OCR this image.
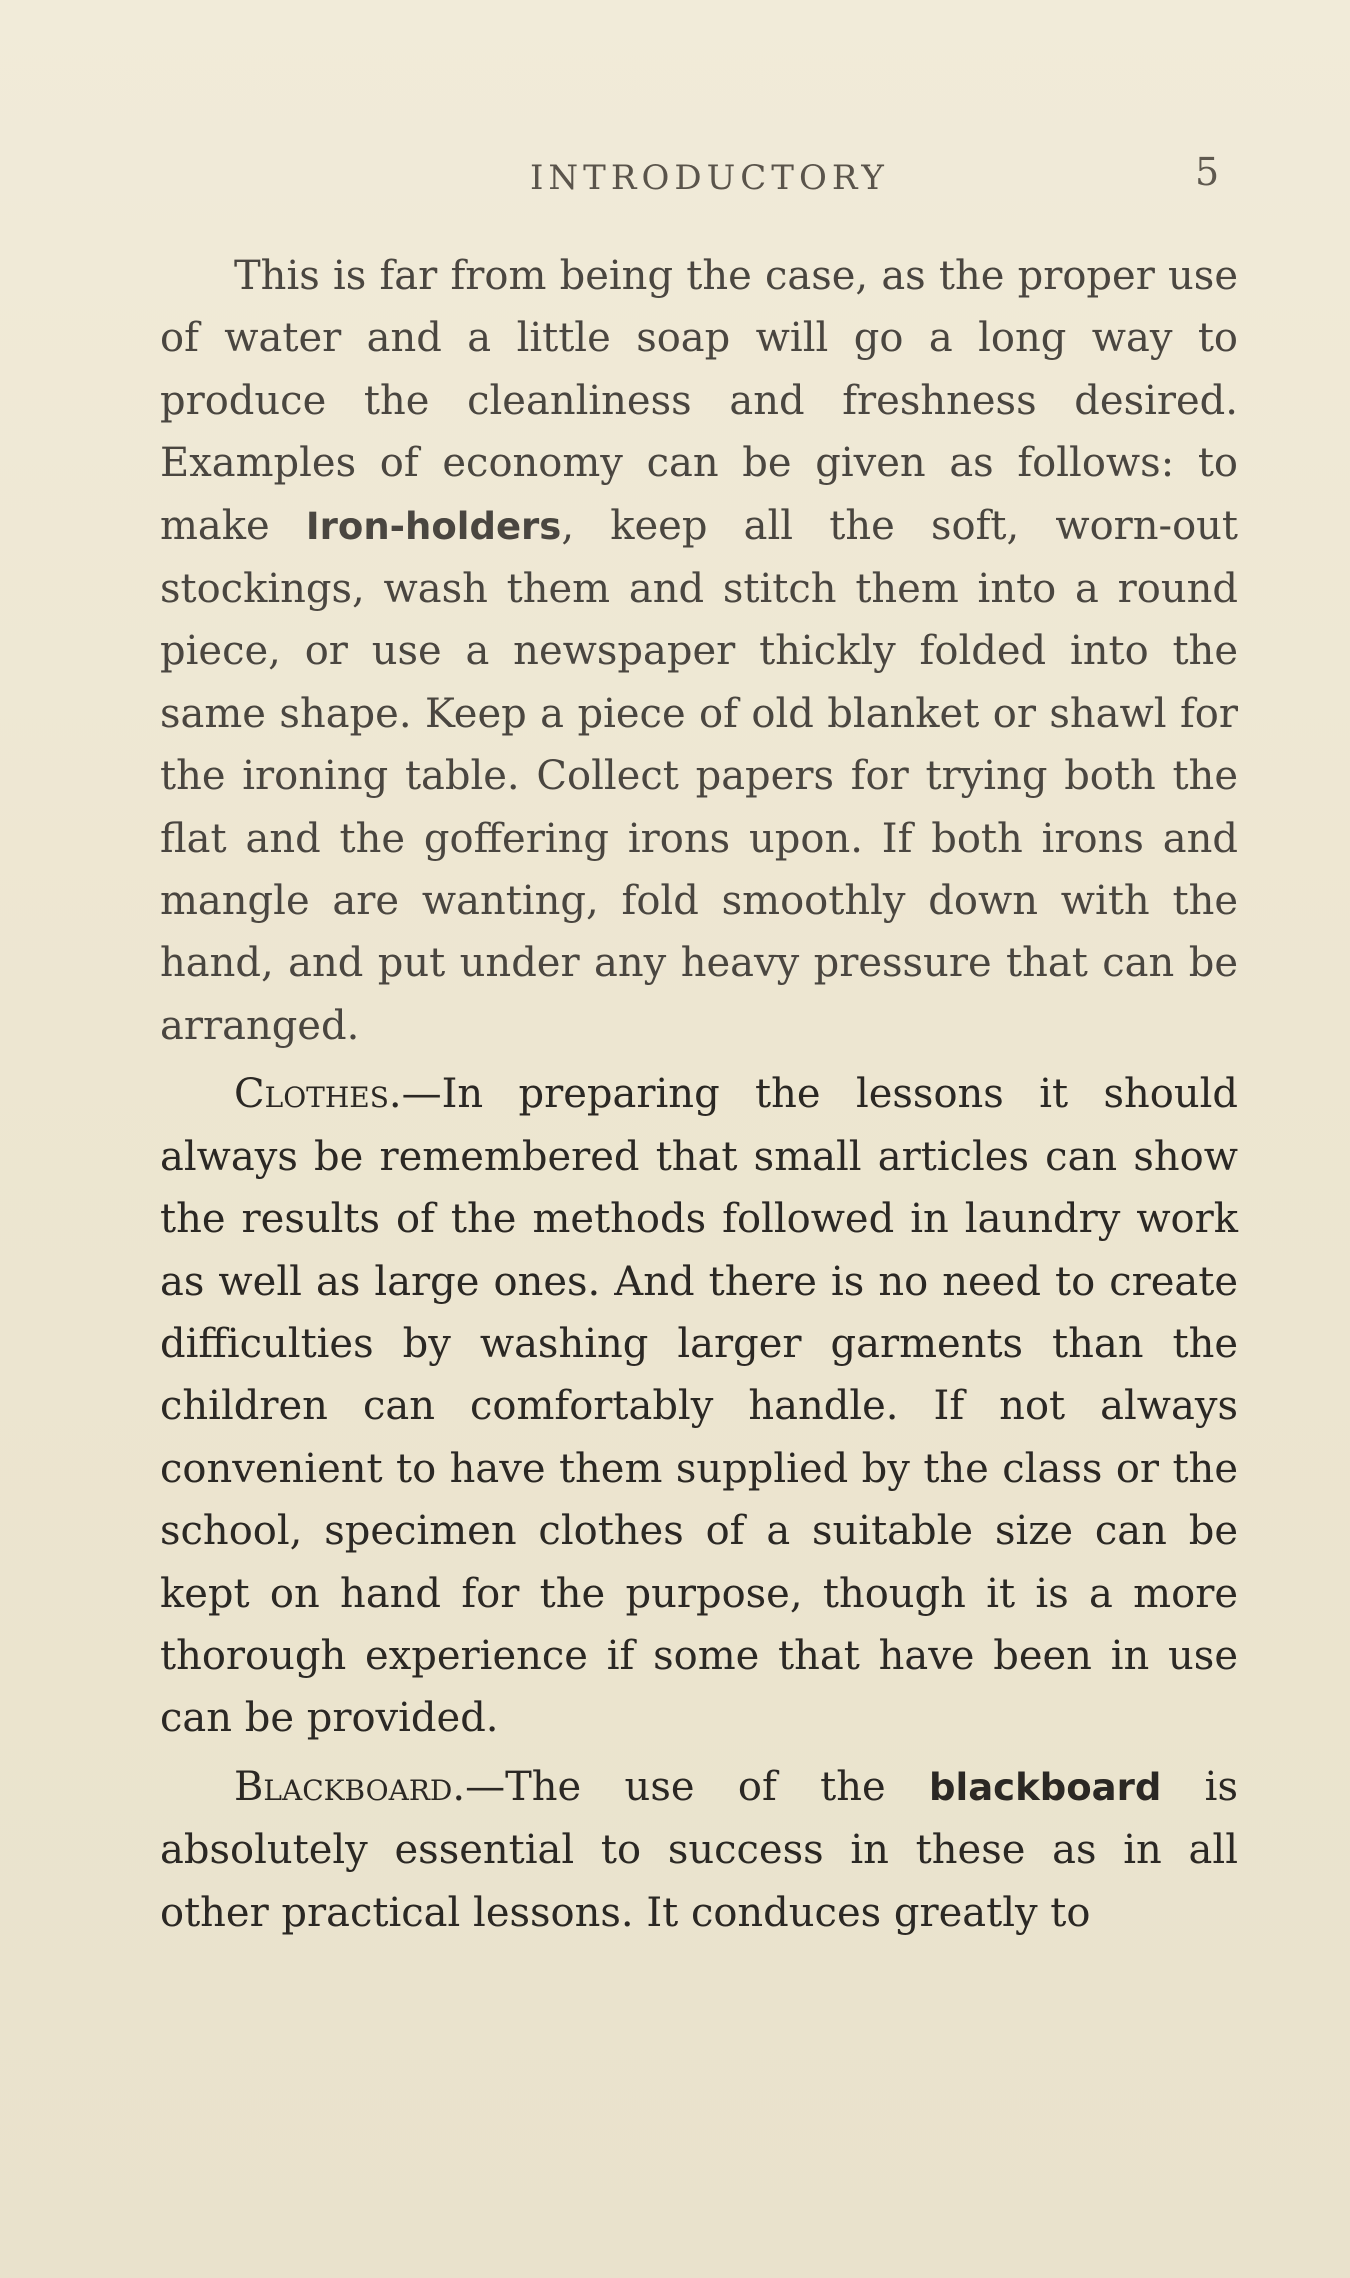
INTRODUCTORY	5

This is far from being the case, as the proper use of water and a little soap will go a long way to produce the cleanliness and freshness desired. Examples of economy can be given as follows: to make Iron-holders, keep all the soft, worn-out stockings, wash them and stitch them into a round piece, or use a newspaper thickly folded into the same shape. Keep a piece of old blanket or shawl for the ironing table. Collect papers for trying both the flat and the goffering irons upon. If both irons and mangle are wanting, fold smoothly down with the hand, and put under any heavy pressure that can be arranged.

Clothes.—In preparing the lessons it should always be remembered that small articles can show the results of the methods followed in laundry work as well as large ones. And there is no need to create difficulties by washing larger garments than the children can comfortably handle. If not always convenient to have them supplied by the class or the school, specimen clothes of a suitable size can be kept on hand for the purpose, though it is a more thorough experience if some that have been in use can be provided.

Blackboard.—The use of the blackboard is absolutely essential to success in these as in all other practical lessons. It conduces greatly to
